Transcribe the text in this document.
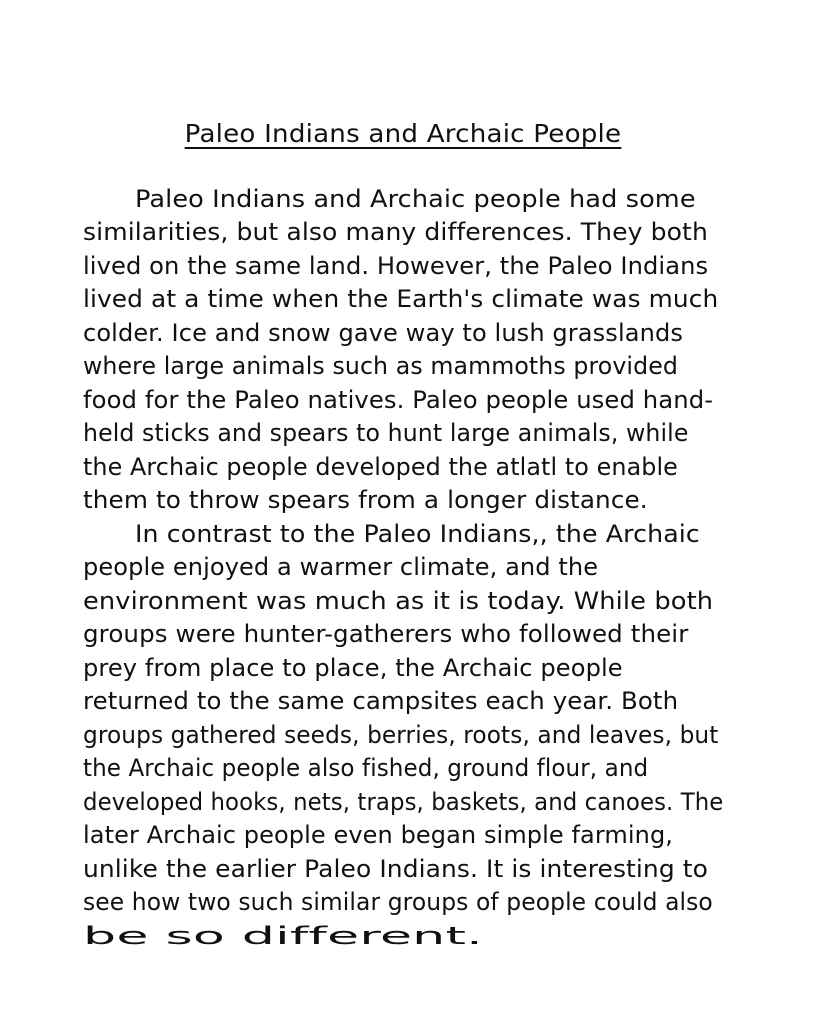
Paleo Indians and Archaic People
Paleo Indians and Archaic people had some
similarities, but also many differences. They both
lived on the same land. However, the Paleo Indians
lived at a time when the Earth's climate was much
colder. Ice and snow gave way to lush grasslands
where large animals such as mammoths provided
food for the Paleo natives. Paleo people used hand-
held sticks and spears to hunt large animals, while
the Archaic people developed the atlatl to enable
them to throw spears from a longer distance.
In contrast to the Paleo Indians,, the Archaic
people enjoyed a warmer climate, and the
environment was much as it is today. While both
groups were hunter-gatherers who followed their
prey from place to place, the Archaic people
returned to the same campsites each year. Both
groups gathered seeds, berries, roots, and leaves, but
the Archaic people also fished, ground flour, and
developed hooks, nets, traps, baskets, and canoes. The
later Archaic people even began simple farming,
unlike the earlier Paleo Indians. It is interesting to
see how two such similar groups of people could also
be so different.
